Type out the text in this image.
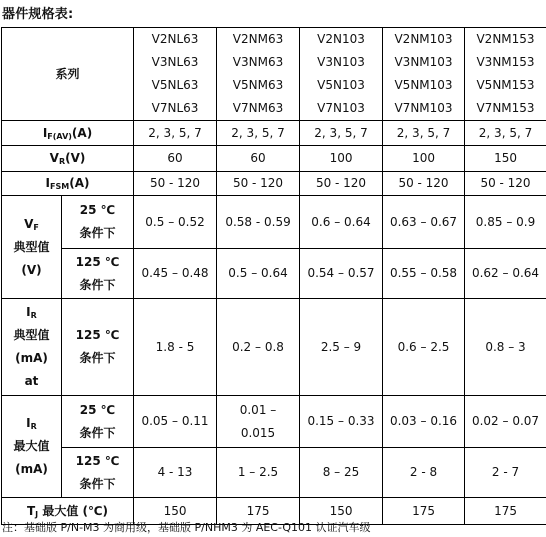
器件规格表:
系列		V2NL63
V3NL63
V5NL63
V7NL63	V2NM63
V3NM63
V5NM63
V7NM63	V2N103
V3N103
V5N103
V7N103	V2NM103
V3NM103
V5NM103
V7NM103	V2NM153
V3NM153
V5NM153
V7NM153

$I_{F(AV)}(A)$		2, 3, 5, 7	2, 3, 5, 7	2, 3, 5, 7	2, 3, 5, 7	2, 3, 5, 7
$V_R(V)$		60	60	100	100	150
$I_{FSM}(A)$		50 - 120	50 - 120	50 - 120	50 - 120	50 - 120

$V_F$
典型值
(V)	25 ℃
条件下	0.5 – 0.52	0.58 - 0.59	0.6 – 0.64	0.63 – 0.67	0.85 – 0.9

	125 ℃
条件下	0.45 – 0.48	0.5 – 0.64	0.54 – 0.57	0.55 – 0.58	0.62 – 0.64

$I_R$
典型值
(mA)
at	125 ℃
条件下	1.8 - 5	0.2 – 0.8	2.5 – 9	0.6 – 2.5	0.8 – 3

$I_R$
最大值
(mA)	25 ℃
条件下	0.05 – 0.11	0.01 –
0.015	0.15 – 0.33	0.03 – 0.16	0.02 – 0.07

	125 ℃
条件下	4 - 13	1 – 2.5	8 – 25	2 - 8	2 - 7
$T_J$ 最大值 (℃)		150	175	150	175	175
注：基础版 P/N-M3 为商用级，基础版 P/NHM3 为 AEC-Q101 认证汽车级
